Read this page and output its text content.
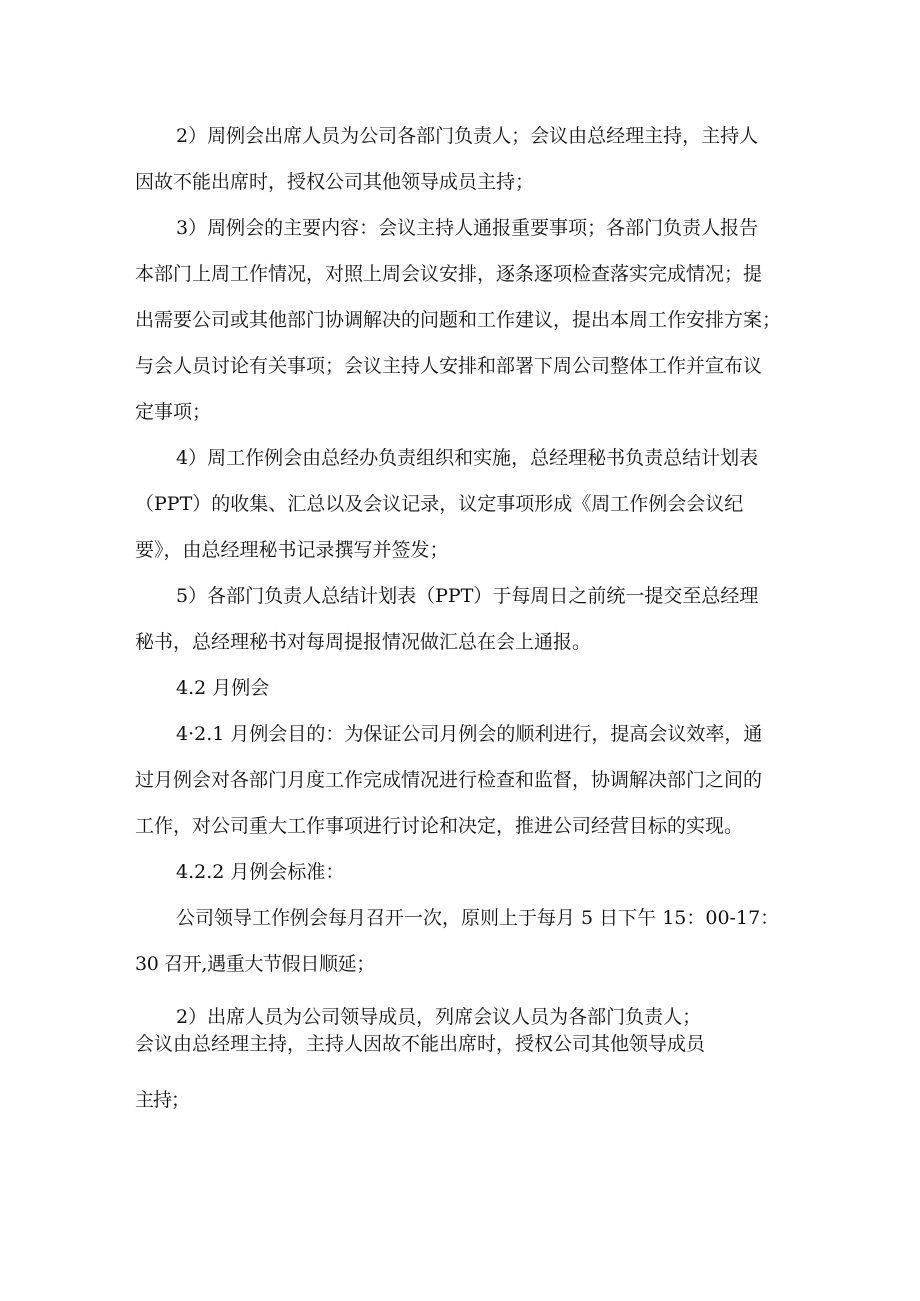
2）周例会出席人员为公司各部门负责人；会议由总经理主持，主持人
因故不能出席时，授权公司其他领导成员主持；
3）周例会的主要内容：会议主持人通报重要事项；各部门负责人报告
本部门上周工作情况，对照上周会议安排，逐条逐项检查落实完成情况；提
出需要公司或其他部门协调解决的问题和工作建议，提出本周工作安排方案；
与会人员讨论有关事项；会议主持人安排和部署下周公司整体工作并宣布议
定事项；
4）周工作例会由总经办负责组织和实施，总经理秘书负责总结计划表
（PPT）的收集、汇总以及会议记录，议定事项形成《周工作例会会议纪
要》，由总经理秘书记录撰写并签发；
5）各部门负责人总结计划表（PPT）于每周日之前统一提交至总经理
秘书，总经理秘书对每周提报情况做汇总在会上通报。
4.2 月例会
4·2.1 月例会目的：为保证公司月例会的顺利进行，提高会议效率，通
过月例会对各部门月度工作完成情况进行检查和监督，协调解决部门之间的
工作，对公司重大工作事项进行讨论和决定，推进公司经营目标的实现。
4.2.2 月例会标准：
公司领导工作例会每月召开一次，原则上于每月 5 日下午 15：00-17：
30 召开,遇重大节假日顺延；
2）出席人员为公司领导成员，列席会议人员为各部门负责人；
会议由总经理主持，主持人因故不能出席时，授权公司其他领导成员
主持；
